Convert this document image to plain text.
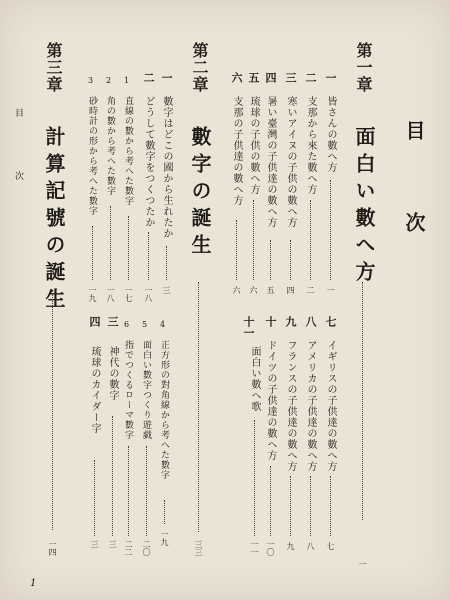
目　次
目 次
1
第一章
面白い數へ方
一
一
皆さんの數へ方
一
二
支那から來た數へ方
二
三
寒いアイヌの子供の數へ方
四
四
暑い臺灣の子供達の數へ方
五
五
琉球の子供の數へ方
六
六
支那の子供達の數へ方
六
七
イギリスの子供達の數へ方
七
八
アメリカの子供達の數へ方
八
九
フランスの子供達の數へ方
九
十
ドイツの子供達の數へ方
一〇
十一
面白い數へ歌
一一
第二章
數字の誕生
三三
一
數字はどこの國から生れたか
三
二
どうして數字をつくつたか
一八
1
直線の數から考へた數字
一七
2
角の數から考へた數字
一八
3
砂時計の形から考へた數字
一九
4
正方形の對角線から考へた數字
一九
5
面白い數字つくり遊戯
二〇
6
指でつくるローマ數字
二二
三
神代の數字
三
四
琉球のカイダー字
三
第三章
計算記號の誕生
一四
